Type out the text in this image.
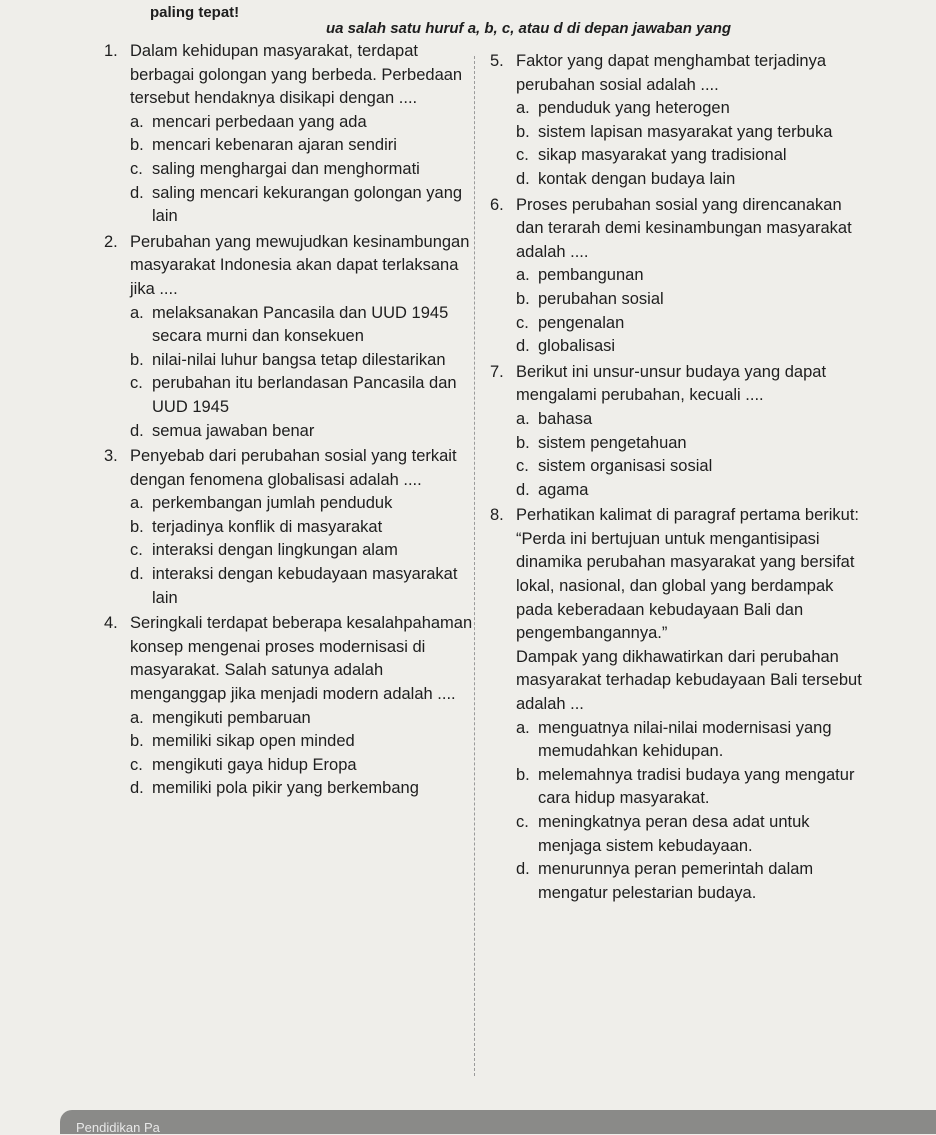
paling tepat!
ua salah satu huruf a, b, c, atau d di depan jawaban yang
1. Dalam kehidupan masyarakat, terdapat berbagai golongan yang berbeda. Perbedaan tersebut hendaknya disikapi dengan ....
a. mencari perbedaan yang ada
b. mencari kebenaran ajaran sendiri
c. saling menghargai dan menghormati
d. saling mencari kekurangan golongan yang lain
2. Perubahan yang mewujudkan kesinambungan masyarakat Indonesia akan dapat terlaksana jika ....
a. melaksanakan Pancasila dan UUD 1945 secara murni dan konsekuen
b. nilai-nilai luhur bangsa tetap dilestarikan
c. perubahan itu berlandasan Pancasila dan UUD 1945
d. semua jawaban benar
3. Penyebab dari perubahan sosial yang terkait dengan fenomena globalisasi adalah ....
a. perkembangan jumlah penduduk
b. terjadinya konflik di masyarakat
c. interaksi dengan lingkungan alam
d. interaksi dengan kebudayaan masyarakat lain
4. Seringkali terdapat beberapa kesalahpahaman konsep mengenai proses modernisasi di masyarakat. Salah satunya adalah menganggap jika menjadi modern adalah ....
a. mengikuti pembaruan
b. memiliki sikap open minded
c. mengikuti gaya hidup Eropa
d. memiliki pola pikir yang berkembang
5. Faktor yang dapat menghambat terjadinya perubahan sosial adalah ....
a. penduduk yang heterogen
b. sistem lapisan masyarakat yang terbuka
c. sikap masyarakat yang tradisional
d. kontak dengan budaya lain
6. Proses perubahan sosial yang direncanakan dan terarah demi kesinambungan masyarakat adalah ....
a. pembangunan
b. perubahan sosial
c. pengenalan
d. globalisasi
7. Berikut ini unsur-unsur budaya yang dapat mengalami perubahan, kecuali ....
a. bahasa
b. sistem pengetahuan
c. sistem organisasi sosial
d. agama
8. Perhatikan kalimat di paragraf pertama berikut:
“Perda ini bertujuan untuk mengantisipasi dinamika perubahan masyarakat yang bersifat lokal, nasional, dan global yang berdampak pada keberadaan kebudayaan Bali dan pengembangannya.”
Dampak yang dikhawatirkan dari perubahan masyarakat terhadap kebudayaan Bali tersebut adalah ...
a. menguatnya nilai-nilai modernisasi yang memudahkan kehidupan.
b. melemahnya tradisi budaya yang mengatur cara hidup masyarakat.
c. meningkatnya peran desa adat untuk menjaga sistem kebudayaan.
d. menurunnya peran pemerintah dalam mengatur pelestarian budaya.
Pendidikan Pa
